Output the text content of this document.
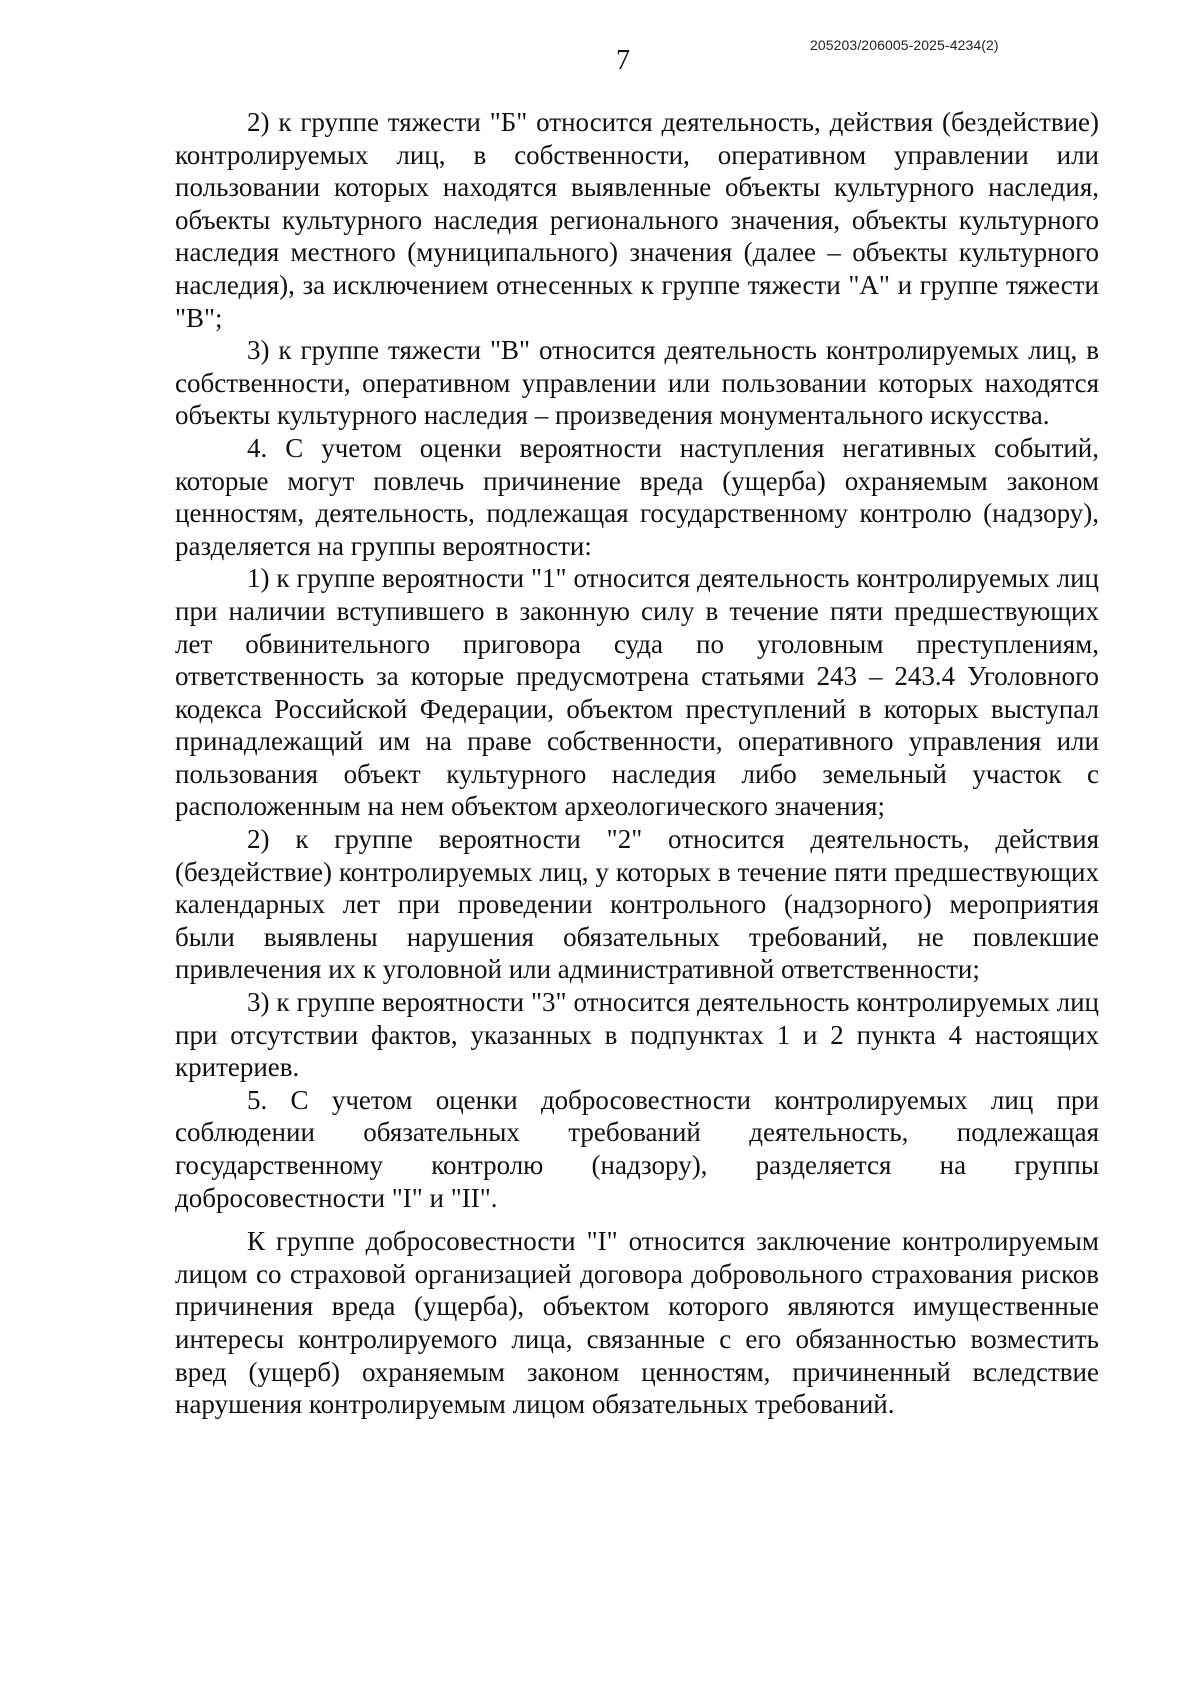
205203/206005-2025-4234(2)
7

2) к группе тяжести "Б" относится деятельность, действия (бездействие) контролируемых лиц, в собственности, оперативном управлении или пользовании которых находятся выявленные объекты культурного наследия, объекты культурного наследия регионального значения, объекты культурного наследия местного (муниципального) значения (далее – объекты культурного наследия), за исключением отнесенных к группе тяжести "А" и группе тяжести "В";

3) к группе тяжести "В" относится деятельность контролируемых лиц, в собственности, оперативном управлении или пользовании которых находятся объекты культурного наследия – произведения монументального искусства.

4. С учетом оценки вероятности наступления негативных событий, которые могут повлечь причинение вреда (ущерба) охраняемым законом ценностям, деятельность, подлежащая государственному контролю (надзору), разделяется на группы вероятности:

1) к группе вероятности "1" относится деятельность контролируемых лиц при наличии вступившего в законную силу в течение пяти предшествующих лет обвинительного приговора суда по уголовным преступлениям, ответственность за которые предусмотрена статьями 243 – 243.4 Уголовного кодекса Российской Федерации, объектом преступлений в которых выступал принадлежащий им на праве собственности, оперативного управления или пользования объект культурного наследия либо земельный участок с расположенным на нем объектом археологического значения;

2) к группе вероятности "2" относится деятельность, действия (бездействие) контролируемых лиц, у которых в течение пяти предшествующих календарных лет при проведении контрольного (надзорного) мероприятия были выявлены нарушения обязательных требований, не повлекшие привлечения их к уголовной или административной ответственности;

3) к группе вероятности "3" относится деятельность контролируемых лиц при отсутствии фактов, указанных в подпунктах 1 и 2 пункта 4 настоящих критериев.

5. С учетом оценки добросовестности контролируемых лиц при соблюдении обязательных требований деятельность, подлежащая государственному контролю (надзору), разделяется на группы добросовестности "I" и "II".

К группе добросовестности "I" относится заключение контролируемым лицом со страховой организацией договора добровольного страхования рисков причинения вреда (ущерба), объектом которого являются имущественные интересы контролируемого лица, связанные с его обязанностью возместить вред (ущерб) охраняемым законом ценностям, причиненный вследствие нарушения контролируемым лицом обязательных требований.
